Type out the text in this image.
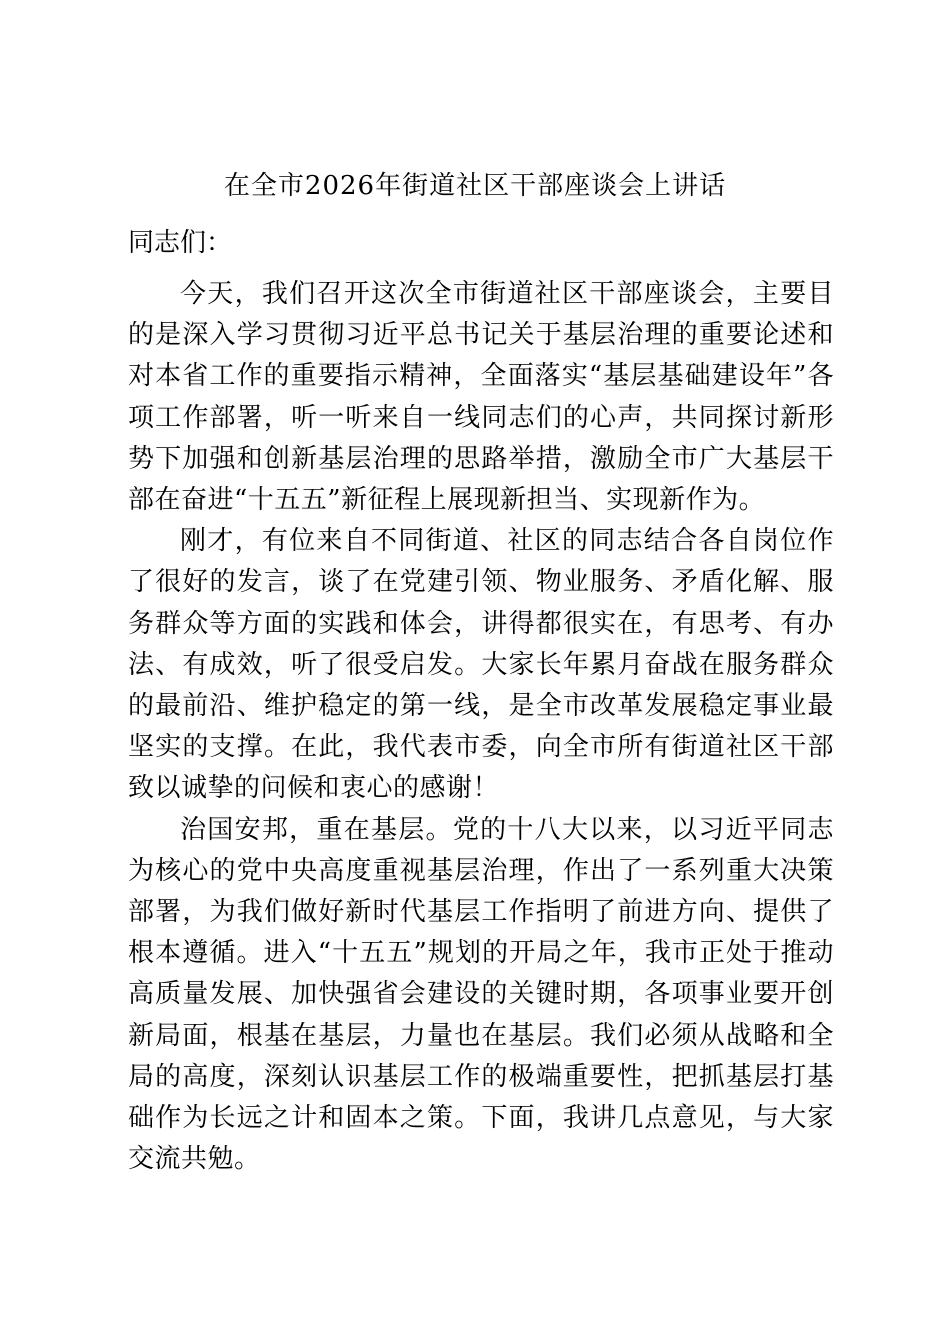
在全市2026年街道社区干部座谈会上讲话
同志们：

今天，我们召开这次全市街道社区干部座谈会，主要目的是深入学习贯彻习近平总书记关于基层治理的重要论述和对本省工作的重要指示精神，全面落实“基层基础建设年”各项工作部署，听一听来自一线同志们的心声，共同探讨新形势下加强和创新基层治理的思路举措，激励全市广大基层干部在奋进“十五五”新征程上展现新担当、实现新作为。

刚才，有位来自不同街道、社区的同志结合各自岗位作了很好的发言，谈了在党建引领、物业服务、矛盾化解、服务群众等方面的实践和体会，讲得都很实在，有思考、有办法、有成效，听了很受启发。大家长年累月奋战在服务群众的最前沿、维护稳定的第一线，是全市改革发展稳定事业最坚实的支撑。在此，我代表市委，向全市所有街道社区干部致以诚挚的问候和衷心的感谢！

治国安邦，重在基层。党的十八大以来，以习近平同志为核心的党中央高度重视基层治理，作出了一系列重大决策部署，为我们做好新时代基层工作指明了前进方向、提供了根本遵循。进入“十五五”规划的开局之年，我市正处于推动高质量发展、加快强省会建设的关键时期，各项事业要开创新局面，根基在基层，力量也在基层。我们必须从战略和全局的高度，深刻认识基层工作的极端重要性，把抓基层打基础作为长远之计和固本之策。下面，我讲几点意见，与大家交流共勉。
